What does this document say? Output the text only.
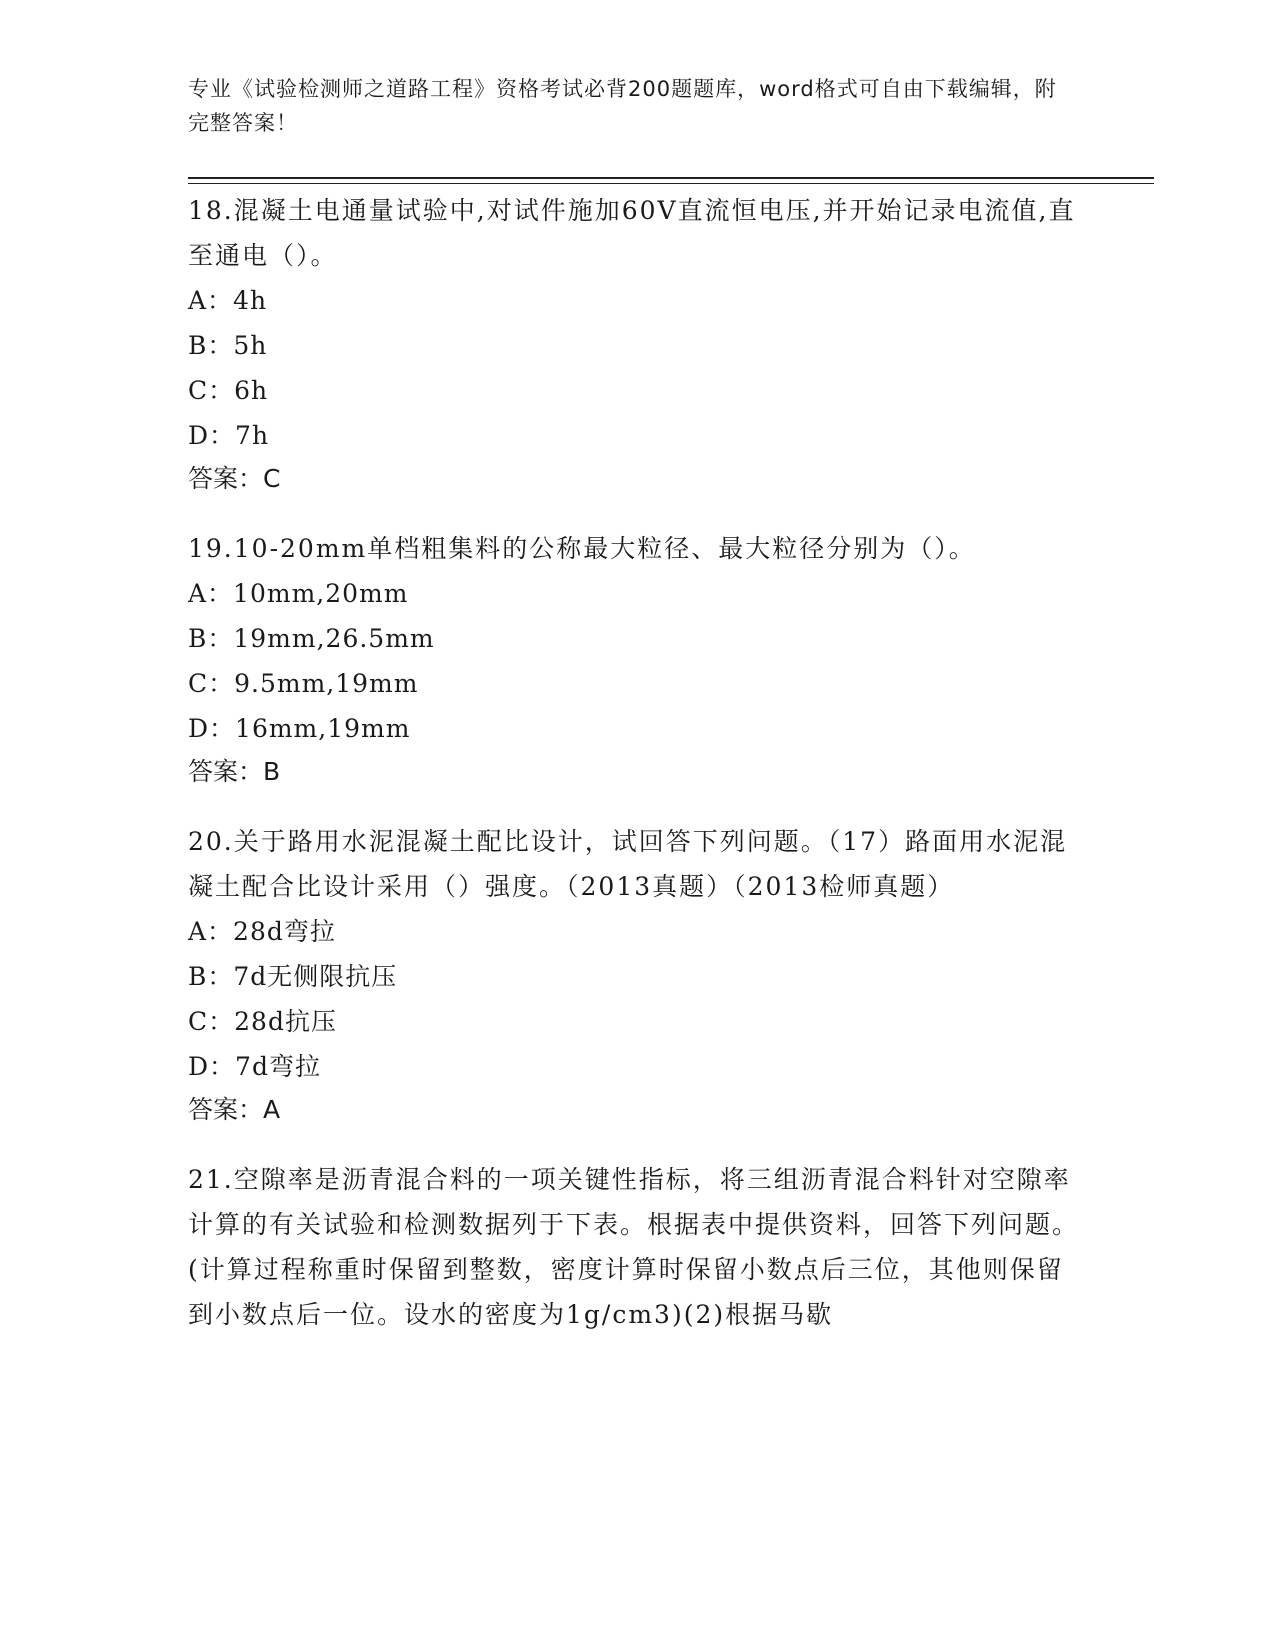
专业《试验检测师之道路工程》资格考试必背200题题库，word格式可自由下载编辑，附完整答案！

18.混凝土电通量试验中,对试件施加60V直流恒电压,并开始记录电流值,直至通电（）。

A：4h

B：5h

C：6h

D：7h

答案：C

19.10-20mm单档粗集料的公称最大粒径、最大粒径分别为（）。

A：10mm,20mm

B：19mm,26.5mm

C：9.5mm,19mm

D：16mm,19mm

答案：B

20.关于路用水泥混凝土配比设计，试回答下列问题。（17）路面用水泥混凝土配合比设计采用（）强度。（2013真题）（2013检师真题）

A：28d弯拉

B：7d无侧限抗压

C：28d抗压

D：7d弯拉

答案：A

21.空隙率是沥青混合料的一项关键性指标，将三组沥青混合料针对空隙率计算的有关试验和检测数据列于下表。根据表中提供资料，回答下列问题。(计算过程称重时保留到整数，密度计算时保留小数点后三位，其他则保留到小数点后一位。设水的密度为1g/cm3)(2)根据马歇
